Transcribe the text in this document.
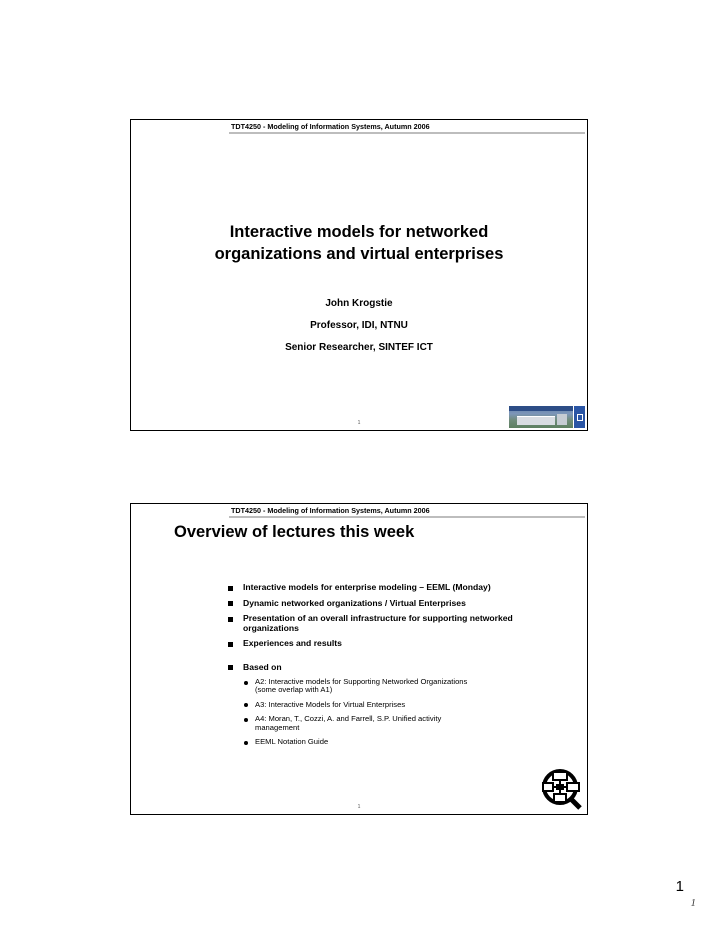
TDT4250 - Modeling of Information Systems, Autumn 2006
Interactive models for networked
organizations and virtual enterprises
John Krogstie
Professor, IDI, NTNU
Senior Researcher, SINTEF ICT
1
TDT4250 - Modeling of Information Systems, Autumn 2006
Overview of lectures this week
Interactive models for enterprise modeling – EEML (Monday)
Dynamic networked organizations / Virtual Enterprises
Presentation of an overall infrastructure for supporting networked organizations
Experiences and results
Based on
A2: Interactive models for Supporting Networked Organizations (some overlap with A1)
A3: Interactive Models for Virtual Enterprises
A4: Moran, T., Cozzi, A. and Farrell, S.P. Unified activity management
EEML Notation Guide
1
1
1
